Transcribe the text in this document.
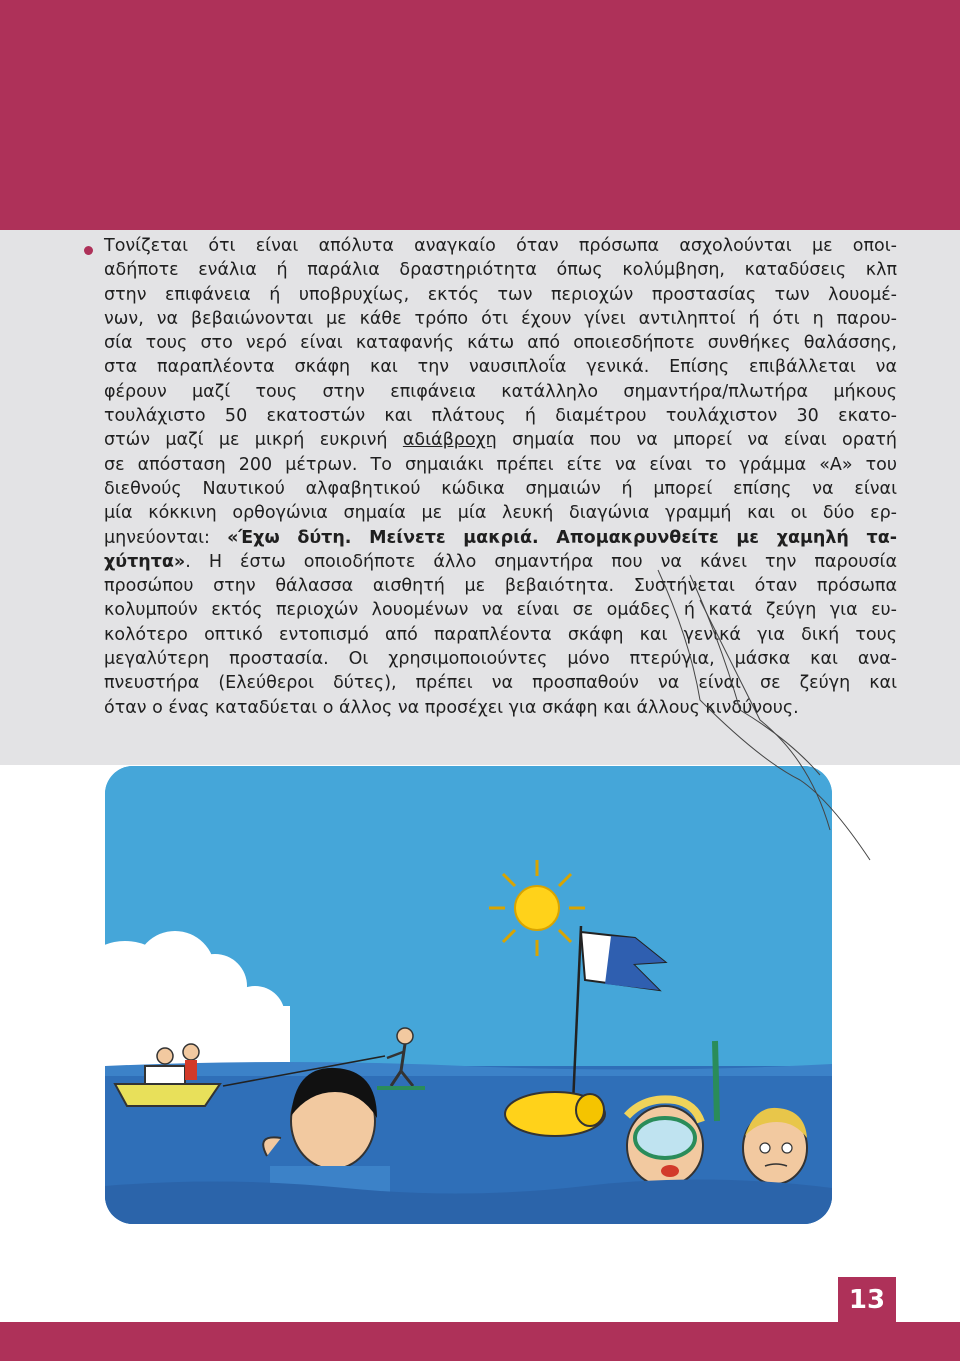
Τονίζεται ότι είναι απόλυτα αναγκαίο όταν πρόσωπα ασχολούνται με οποι-
αδήποτε ενάλια ή παράλια δραστηριότητα όπως κολύμβηση, καταδύσεις κλπ
στην επιφάνεια ή υποβρυχίως, εκτός των περιοχών προστασίας των λουομέ-
νων, να βεβαιώνονται με κάθε τρόπο ότι έχουν γίνει αντιληπτοί ή ότι η παρου-
σία τους στο νερό είναι καταφανής κάτω από οποιεσδήποτε συνθήκες θαλάσσης,
στα παραπλέοντα σκάφη και την ναυσιπλοΐα γενικά. Επίσης επιβάλλεται να
φέρουν μαζί τους στην επιφάνεια κατάλληλο σημαντήρα/πλωτήρα μήκους
τουλάχιστο 50 εκατοστών και πλάτους ή διαμέτρου τουλάχιστον 30 εκατο-
στών μαζί με μικρή ευκρινή αδιάβροχη σημαία που να μπορεί να είναι ορατή
σε απόσταση 200 μέτρων. Το σημαιάκι πρέπει είτε να είναι το γράμμα «Α» του
διεθνούς Ναυτικού αλφαβητικού κώδικα σημαιών ή μπορεί επίσης να είναι
μία κόκκινη ορθογώνια σημαία με μία λευκή διαγώνια γραμμή και οι δύο ερ-
μηνεύονται: «Έχω δύτη. Μείνετε μακριά. Απομακρυνθείτε με χαμηλή τα-
χύτητα». Η έστω οποιοδήποτε άλλο σημαντήρα που να κάνει την παρουσία
προσώπου στην θάλασσα αισθητή με βεβαιότητα. Συστήνεται όταν πρόσωπα
κολυμπούν εκτός περιοχών λουομένων να είναι σε ομάδες ή κατά ζεύγη για ευ-
κολότερο οπτικό εντοπισμό από παραπλέοντα σκάφη και γενικά για δική τους
μεγαλύτερη προστασία. Οι χρησιμοποιούντες μόνο πτερύγια, μάσκα και ανα-
πνευστήρα (Ελεύθεροι δύτες), πρέπει να προσπαθούν να είναι σε ζεύγη και
όταν ο ένας καταδύεται ο άλλος να προσέχει για σκάφη και άλλους κινδύνους.
13
